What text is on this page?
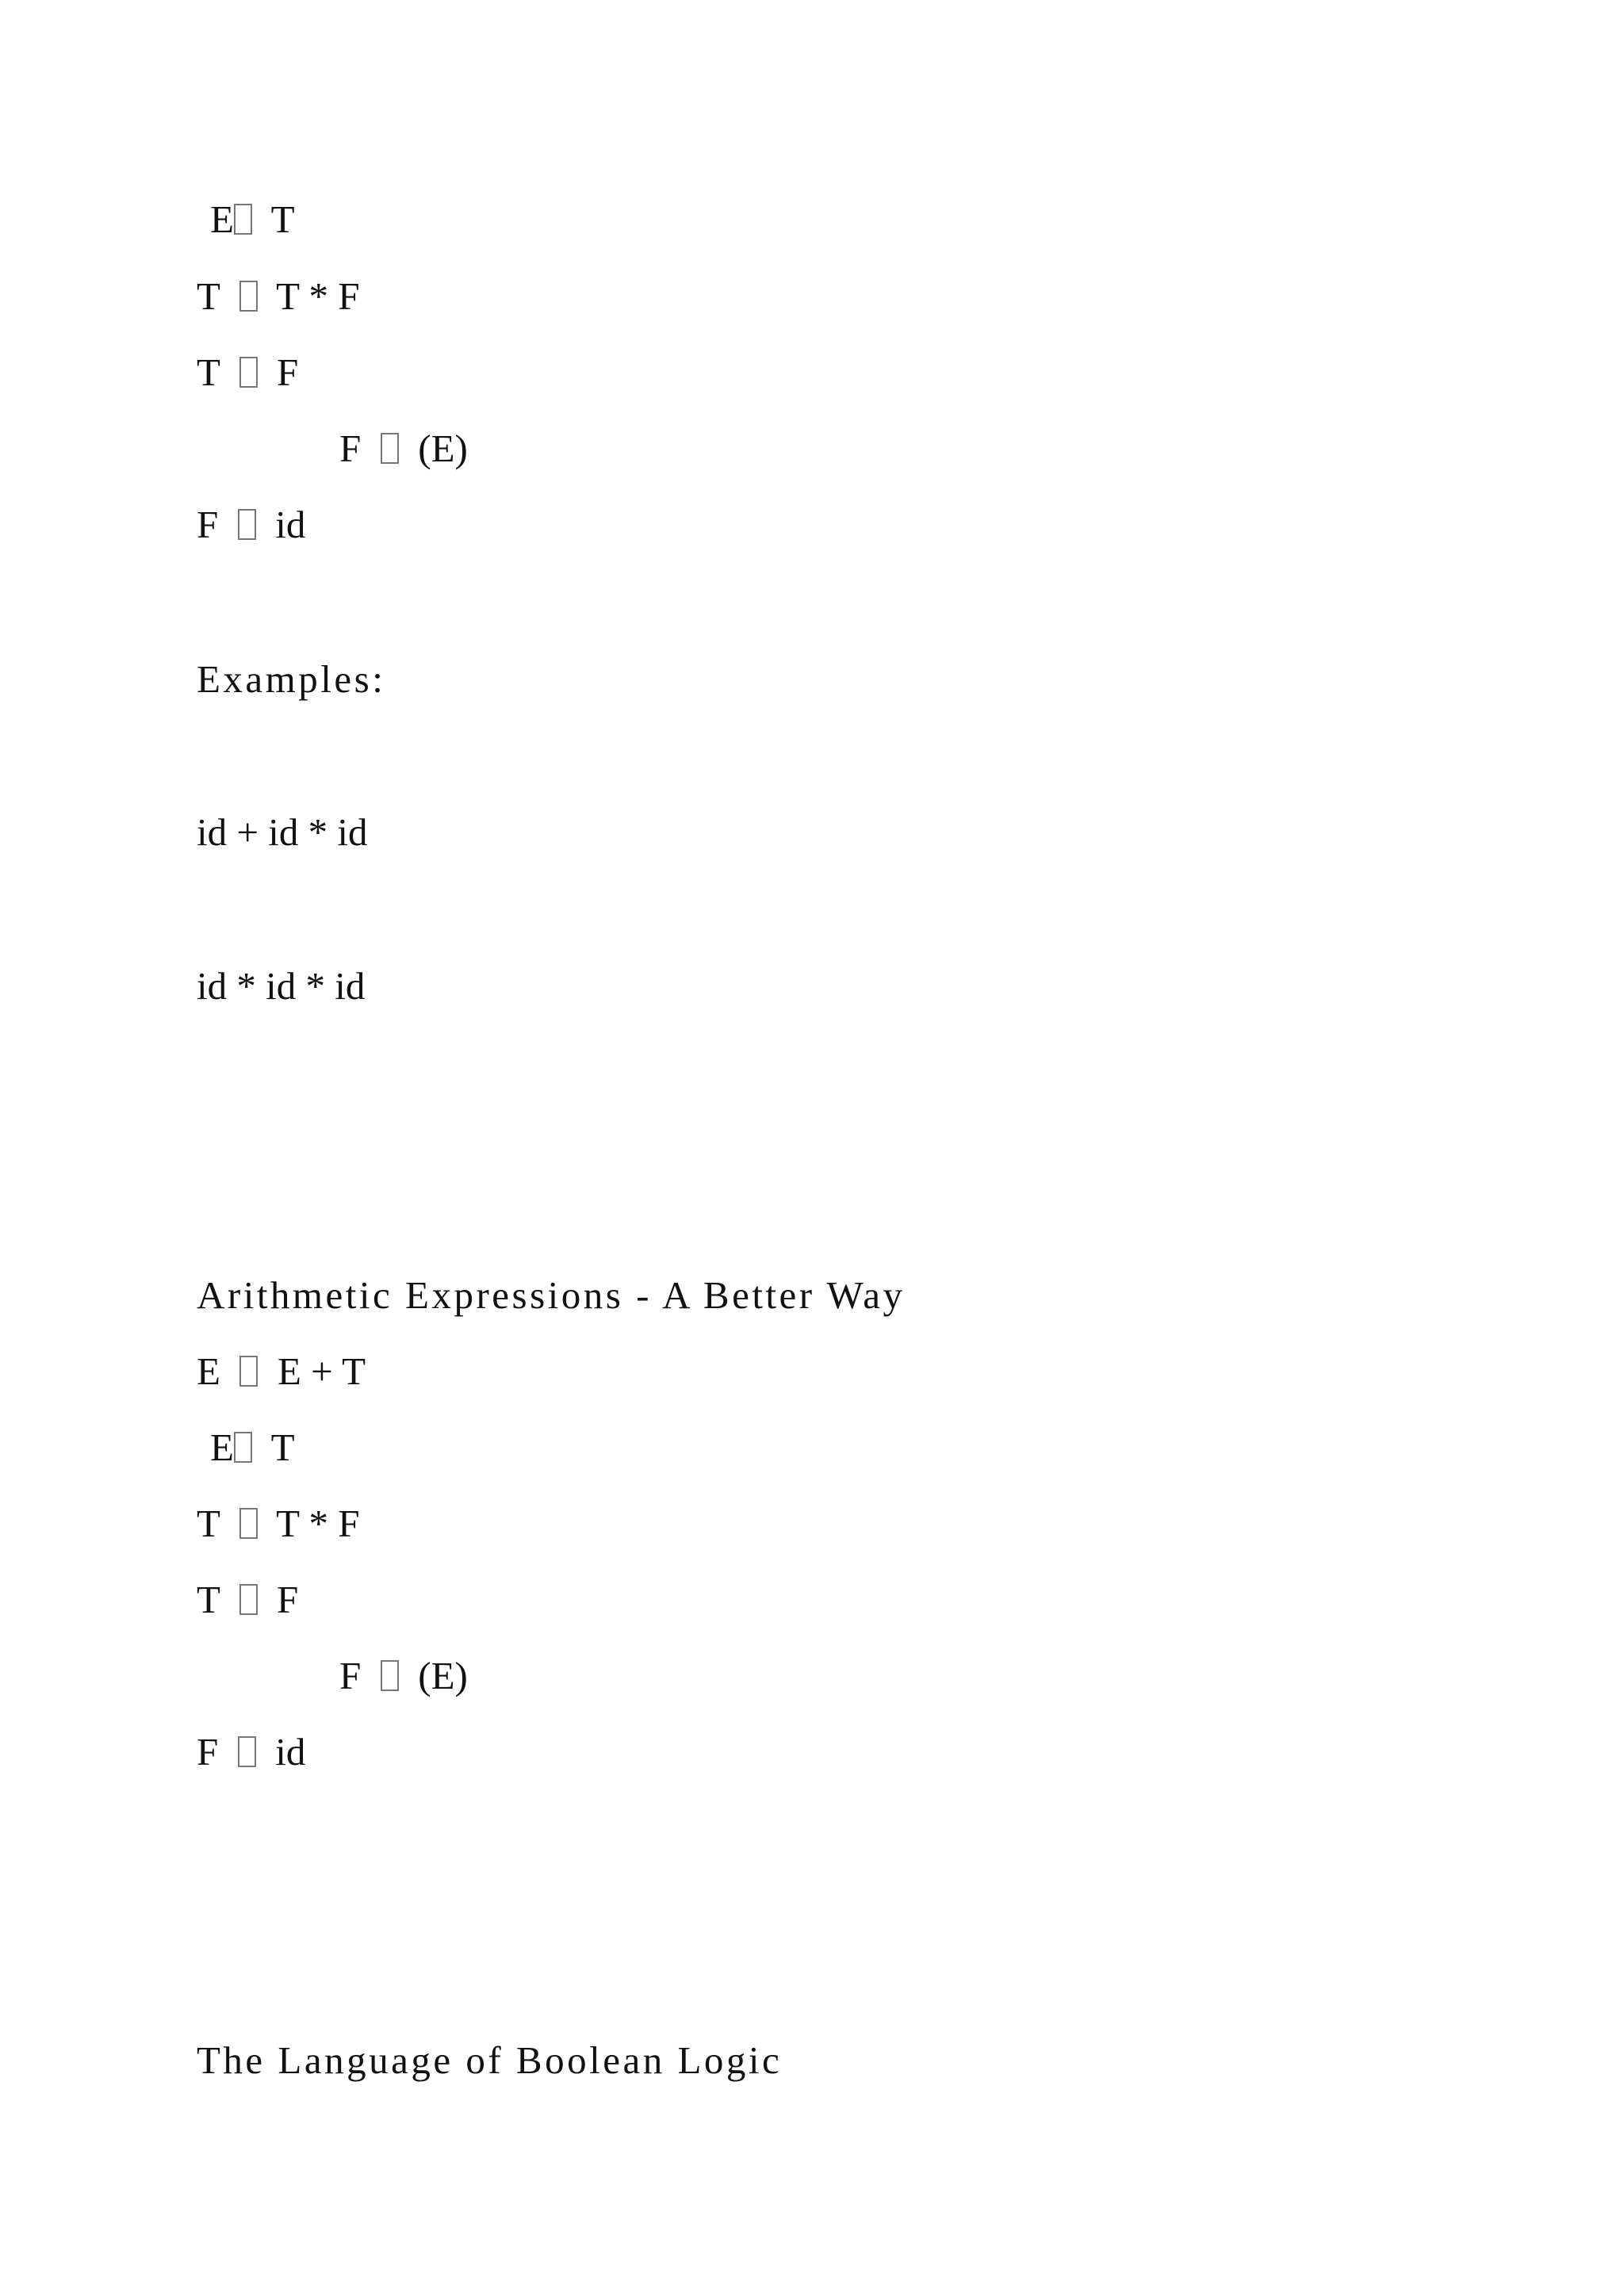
E T
T T * F
T F
F (E)
F id
Examples:
id + id * id
id * id * id
Arithmetic Expressions - A Better Way
E E + T
E T
T T * F
T F
F (E)
F id
The Language of Boolean Logic
